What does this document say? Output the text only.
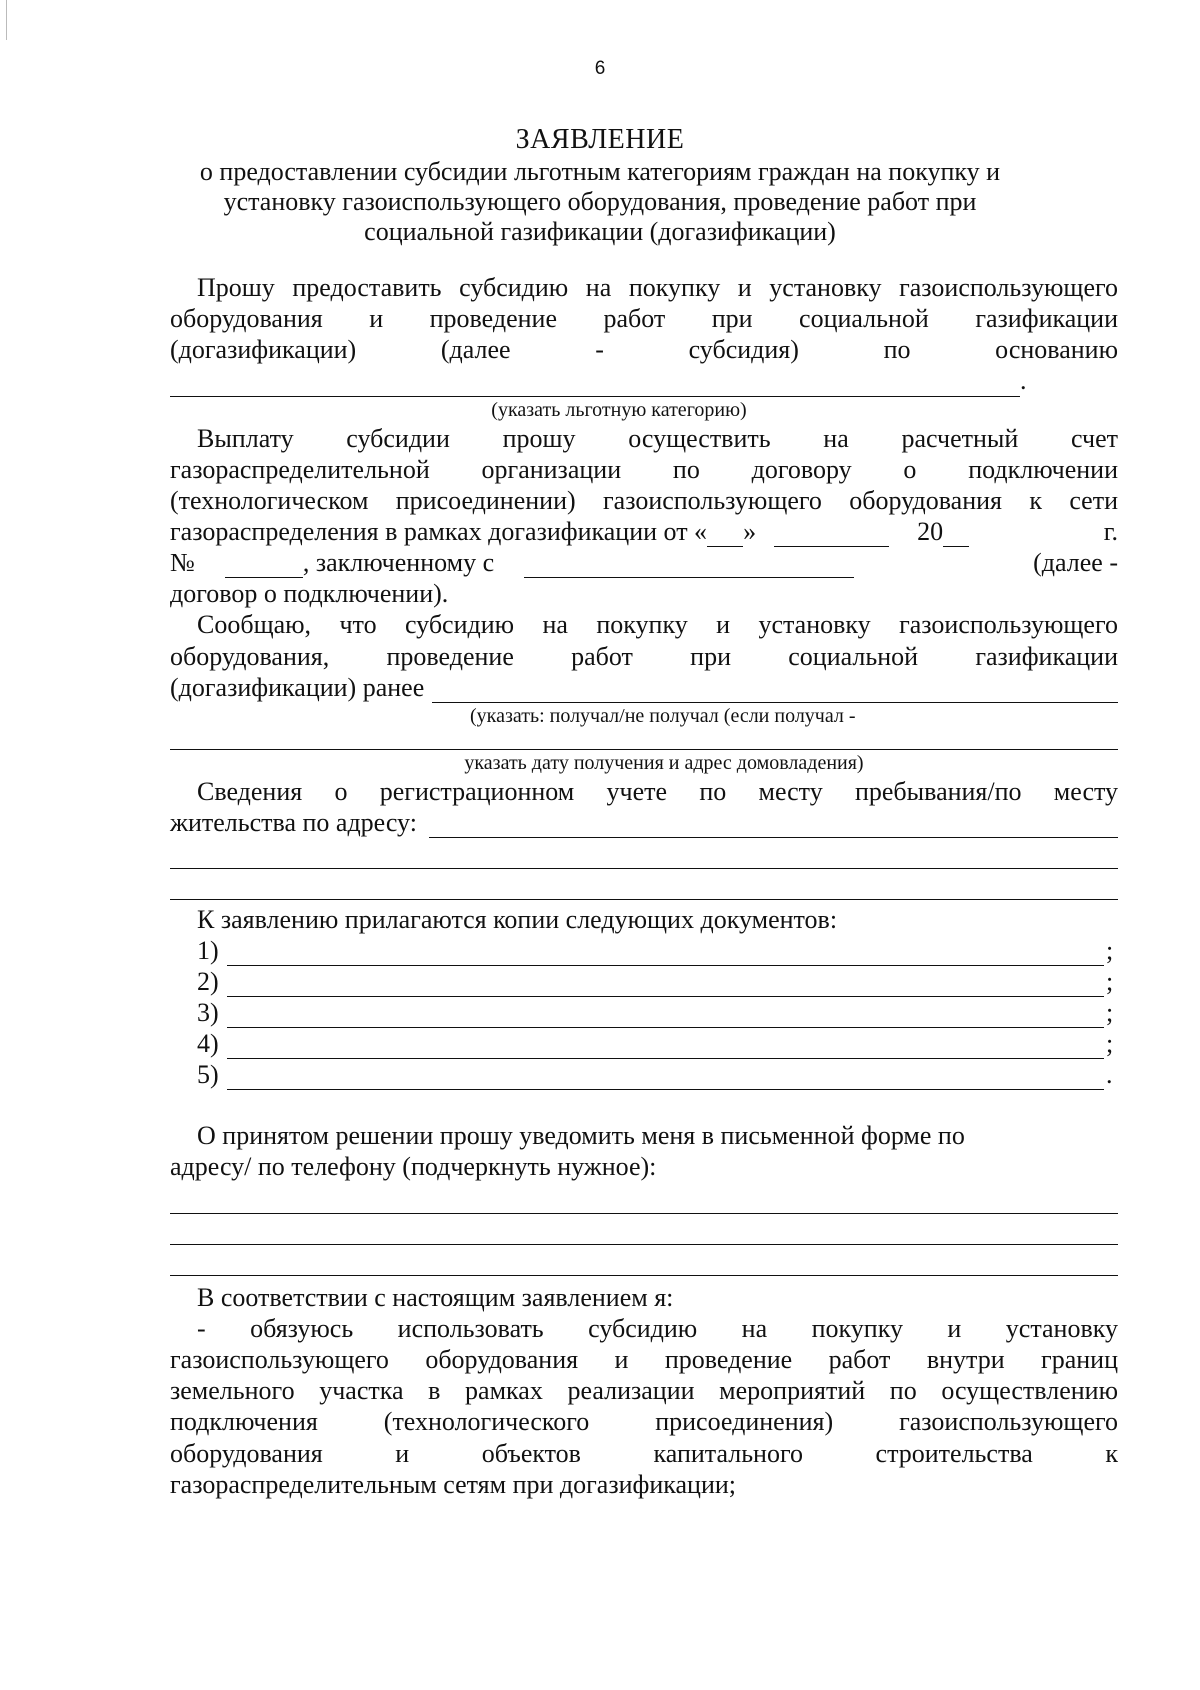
6
ЗАЯВЛЕНИЕ
о предоставлении субсидии льготным категориям граждан на покупку и
установку газоиспользующего оборудования, проведение работ при
социальной газификации (догазификации)
Прошу предоставить субсидию на покупку и установку газоиспользующего
оборудования и проведение работ при социальной газификации
(догазификации) (далее - субсидия) по основанию
.
(указать льготную категорию)
Выплату субсидии прошу осуществить на расчетный счет
газораспределительной организации по договору о подключении
(технологическом присоединении) газоиспользующего оборудования к сети
газораспределения в рамках догазификации от « »	20	г.
№	, заключенному с	(далее -
договор о подключении).
Сообщаю, что субсидию на покупку и установку газоиспользующего
оборудования, проведение работ при социальной газификации
(догазификации) ранее
(указать: получал/не получал (если получал -
указать дату получения и адрес домовладения)
Сведения о регистрационном учете по месту пребывания/по месту
жительства по адресу:
К заявлению прилагаются копии следующих документов:
1)	;
2)	;
3)	;
4)	;
5)	.
О принятом решении прошу уведомить меня в письменной форме по
адресу/ по телефону (подчеркнуть нужное):
В соответствии с настоящим заявлением я:
- обязуюсь использовать субсидию на покупку и установку
газоиспользующего оборудования и проведение работ внутри границ
земельного участка в рамках реализации мероприятий по осуществлению
подключения (технологического присоединения) газоиспользующего
оборудования и объектов капитального строительства к
газораспределительным сетям при догазификации;
